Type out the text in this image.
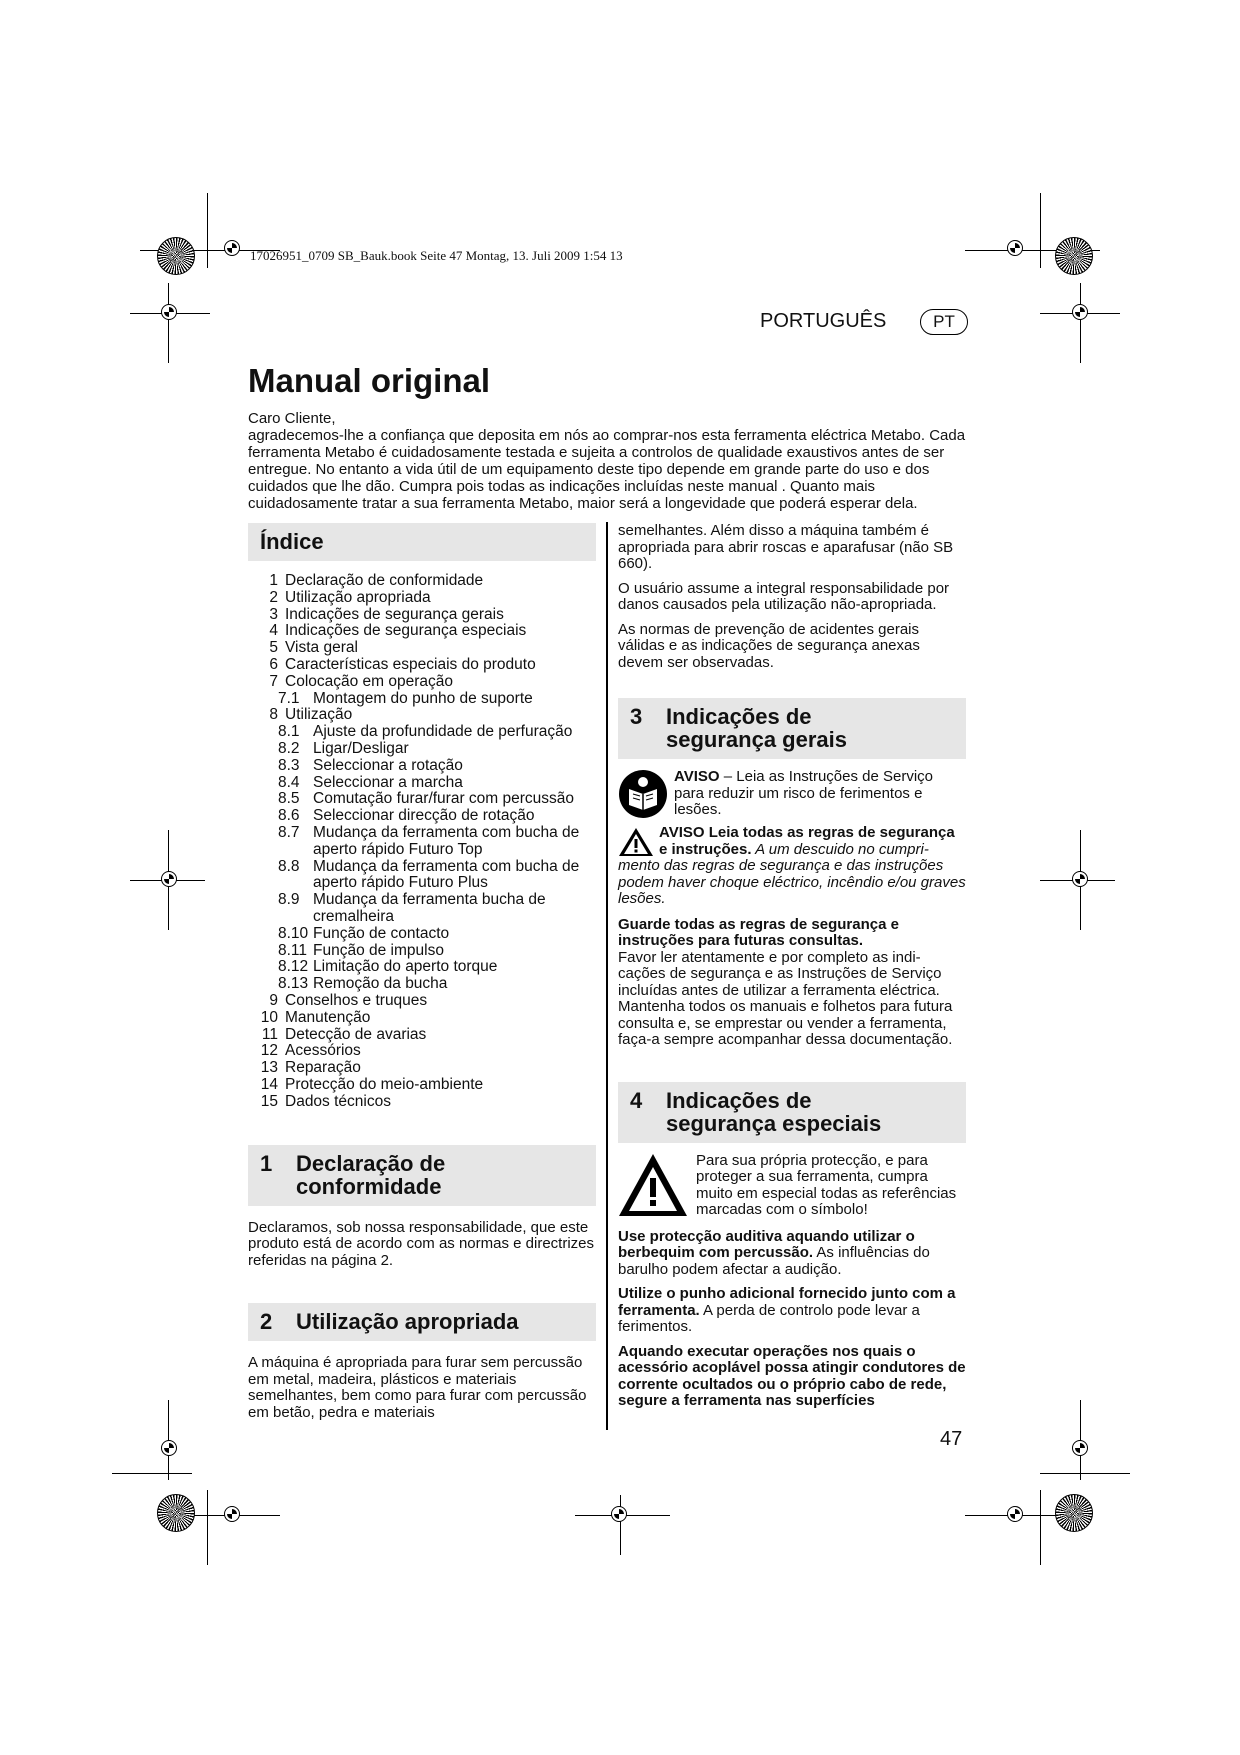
17026951_0709 SB_Bauk.book Seite 47 Montag, 13. Juli 2009 1:54 13
PORTUGUÊS	PT
Manual original
Caro Cliente,
agradecemos-lhe a confiança que deposita em nós ao comprar-nos esta ferramenta eléctrica Metabo. Cada ferramenta Metabo é cuidadosamente testada e sujeita a controlos de qualidade exaustivos antes de ser entregue. No entanto a vida útil de um equipamento deste tipo depende em grande parte do uso e dos cuidados que lhe dão. Cumpra pois todas as indicações incluídas neste manual . Quanto mais cuidadosamente tratar a sua ferramenta Metabo, maior será a longevidade que poderá esperar dela.
Índice
1 Declaração de conformidade
2 Utilização apropriada
3 Indicações de segurança gerais
4 Indicações de segurança especiais
5 Vista geral
6 Características especiais do produto
7 Colocação em operação
7.1 Montagem do punho de suporte
8 Utilização
8.1 Ajuste da profundidade de perfuração
8.2 Ligar/Desligar
8.3 Seleccionar a rotação
8.4 Seleccionar a marcha
8.5 Comutação furar/furar com percussão
8.6 Seleccionar direcção de rotação
8.7 Mudança da ferramenta com bucha de aperto rápido Futuro Top
8.8 Mudança da ferramenta com bucha de aperto rápido Futuro Plus
8.9 Mudança da ferramenta bucha de cremalheira
8.10 Função de contacto
8.11 Função de impulso
8.12 Limitação do aperto torque
8.13 Remoção da bucha
9 Conselhos e truques
10 Manutenção
11 Detecção de avarias
12 Acessórios
13 Reparação
14 Protecção do meio-ambiente
15 Dados técnicos
1	Declaração de conformidade

Declaramos, sob nossa responsabilidade, que este produto está de acordo com as normas e directrizes referidas na página 2.

2	Utilização apropriada

A máquina é apropriada para furar sem percussão em metal, madeira, plásticos e materiais semelhantes, bem como para furar com percussão em betão, pedra e materiais

semelhantes. Além disso a máquina também é apropriada para abrir roscas e aparafusar (não SB 660).

O usuário assume a integral responsabilidade por danos causados pela utilização não-apropriada.

As normas de prevenção de acidentes gerais válidas e as indicações de segurança anexas devem ser observadas.

3	Indicações de segurança gerais

AVISO – Leia as Instruções de Serviço para reduzir um risco de ferimentos e lesões.

AVISO Leia todas as regras de segurança e instruções. A um descuido no cumpri-mento das regras de segurança e das instruções podem haver choque eléctrico, incêndio e/ou graves lesões.

Guarde todas as regras de segurança e instruções para futuras consultas.
Favor ler atentamente e por completo as indi-cações de segurança e as Instruções de Serviço incluídas antes de utilizar a ferramenta eléctrica. Mantenha todos os manuais e folhetos para futura consulta e, se emprestar ou vender a ferramenta, faça-a sempre acompanhar dessa documentação.

4	Indicações de segurança especiais

Para sua própria protecção, e para proteger a sua ferramenta, cumpra muito em especial todas as referências marcadas com o símbolo!

Use protecção auditiva aquando utilizar o berbequim com percussão. As influências do barulho podem afectar a audição.

Utilize o punho adicional fornecido junto com a ferramenta. A perda de controlo pode levar a ferimentos.

Aquando executar operações nos quais o acessório acoplável possa atingir condutores de corrente ocultados ou o próprio cabo de rede, segure a ferramenta nas superfícies

47
